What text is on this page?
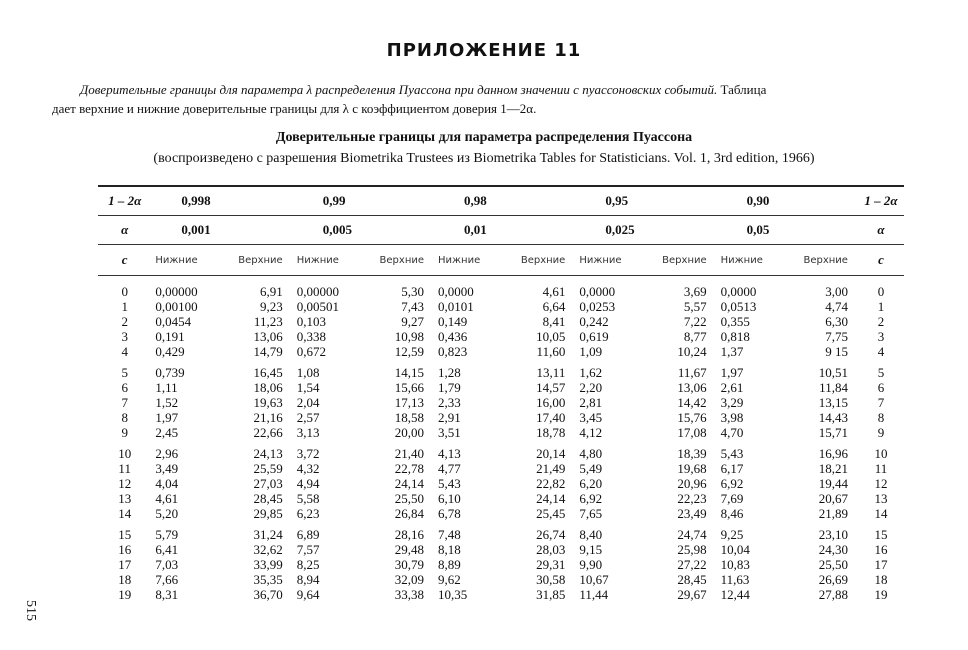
ПРИЛОЖЕНИЕ 11
Доверительные границы для параметра λ распределения Пуассона при данном значении c пуассоновских событий. Таблица
дает верхние и нижние доверительные границы для λ с коэффициентом доверия 1—2α.
Доверительные границы для параметра распределения Пуассона
(воспроизведено с разрешения Biometrika Trustees из Biometrika Tables for Statisticians. Vol. 1, 3rd edition, 1966)
515
1 – 2α	0,998		0,99		0,98		0,95		0,90		1 – 2α
α	0,001		0,005		0,01		0,025		0,05		α
c	Нижние	Верхние	Нижние	Верхние	Нижние	Верхние	Нижние	Верхние	Нижние	Верхние	c

0	0,00000	6,91	0,00000	5,30	0,0000	4,61	0,0000	3,69	0,0000	3,00	0
1	0,00100	9,23	0,00501	7,43	0,0101	6,64	0,0253	5,57	0,0513	4,74	1
2	0,0454	11,23	0,103	9,27	0,149	8,41	0,242	7,22	0,355	6,30	2
3	0,191	13,06	0,338	10,98	0,436	10,05	0,619	8,77	0,818	7,75	3
4	0,429	14,79	0,672	12,59	0,823	11,60	1,09	10,24	1,37	9 15	4

5	0,739	16,45	1,08	14,15	1,28	13,11	1,62	11,67	1,97	10,51	5
6	1,11	18,06	1,54	15,66	1,79	14,57	2,20	13,06	2,61	11,84	6
7	1,52	19,63	2,04	17,13	2,33	16,00	2,81	14,42	3,29	13,15	7
8	1,97	21,16	2,57	18,58	2,91	17,40	3,45	15,76	3,98	14,43	8
9	2,45	22,66	3,13	20,00	3,51	18,78	4,12	17,08	4,70	15,71	9

10	2,96	24,13	3,72	21,40	4,13	20,14	4,80	18,39	5,43	16,96	10
11	3,49	25,59	4,32	22,78	4,77	21,49	5,49	19,68	6,17	18,21	11
12	4,04	27,03	4,94	24,14	5,43	22,82	6,20	20,96	6,92	19,44	12
13	4,61	28,45	5,58	25,50	6,10	24,14	6,92	22,23	7,69	20,67	13
14	5,20	29,85	6,23	26,84	6,78	25,45	7,65	23,49	8,46	21,89	14

15	5,79	31,24	6,89	28,16	7,48	26,74	8,40	24,74	9,25	23,10	15
16	6,41	32,62	7,57	29,48	8,18	28,03	9,15	25,98	10,04	24,30	16
17	7,03	33,99	8,25	30,79	8,89	29,31	9,90	27,22	10,83	25,50	17
18	7,66	35,35	8,94	32,09	9,62	30,58	10,67	28,45	11,63	26,69	18
19	8,31	36,70	9,64	33,38	10,35	31,85	11,44	29,67	12,44	27,88	19
